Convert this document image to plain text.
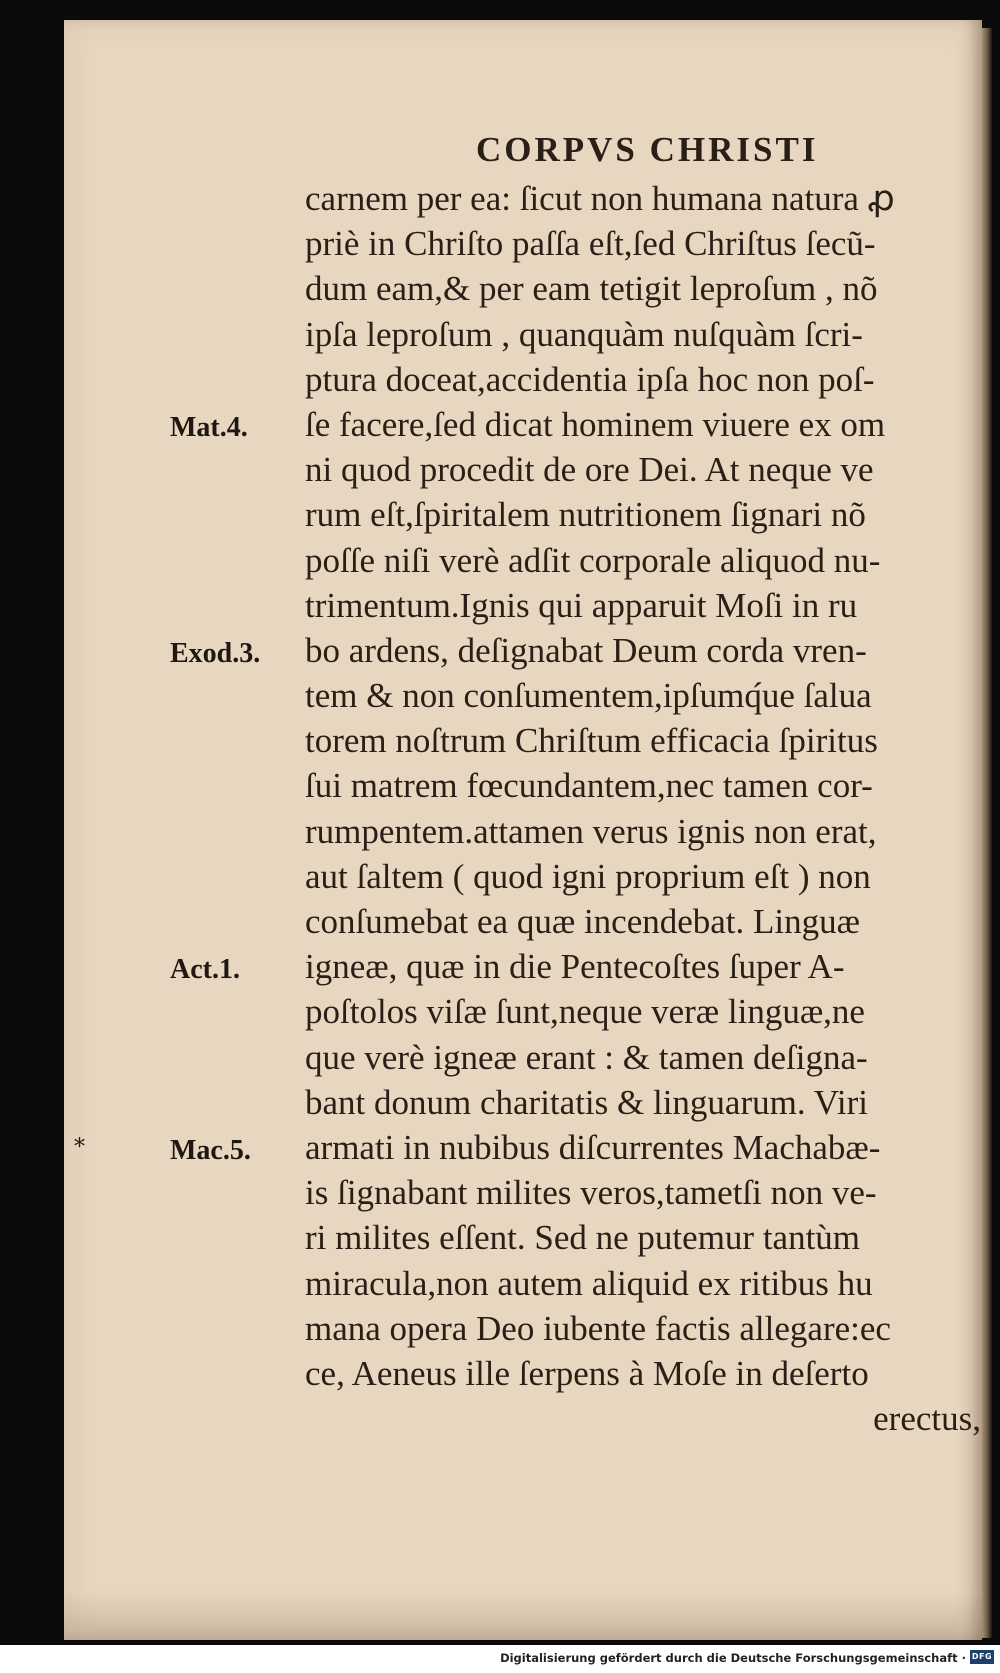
CORPVS CHRISTI
carnem per ea: ſicut non humana natura ꝓ
priè in Chriſto paſſa eſt,ſed Chriſtus ſecũ-
dum eam,& per eam tetigit leproſum , nõ
ipſa leproſum , quanquàm nuſquàm ſcri-
ptura doceat,accidentia ipſa hoc non poſ-
ſe facere,ſed dicat hominem viuere ex om
ni quod procedit de ore Dei. At neque ve
rum eſt,ſpiritalem nutritionem ſignari nõ
poſſe niſi verè adſit corporale aliquod nu-
trimentum.Ignis qui apparuit Moſi in ru
bo ardens, deſignabat Deum corda vren-
tem & non conſumentem,ipſumq́ue ſalua
torem noſtrum Chriſtum efficacia ſpiritus
ſui matrem fœcundantem,nec tamen cor-
rumpentem.attamen verus ignis non erat,
aut ſaltem ( quod igni proprium eſt ) non
conſumebat ea quæ incendebat. Linguæ
igneæ, quæ in die Pentecoſtes ſuper A-
poſtolos viſæ ſunt,neque veræ linguæ,ne
que verè igneæ erant : & tamen deſigna-
bant donum charitatis & linguarum. Viri
armati in nubibus diſcurrentes Machabæ-
is ſignabant milites veros,tametſi non ve-
ri milites eſſent. Sed ne putemur tantùm
miracula,non autem aliquid ex ritibus hu
mana opera Deo iubente factis allegare:ec
ce, Aeneus ille ſerpens à Moſe in deſerto
erectus,
Mat.4.
Exod.3.
Act.1.
Mac.5.
*
Digitalisierung gefördert durch die Deutsche Forschungsgemeinschaft · DFG
